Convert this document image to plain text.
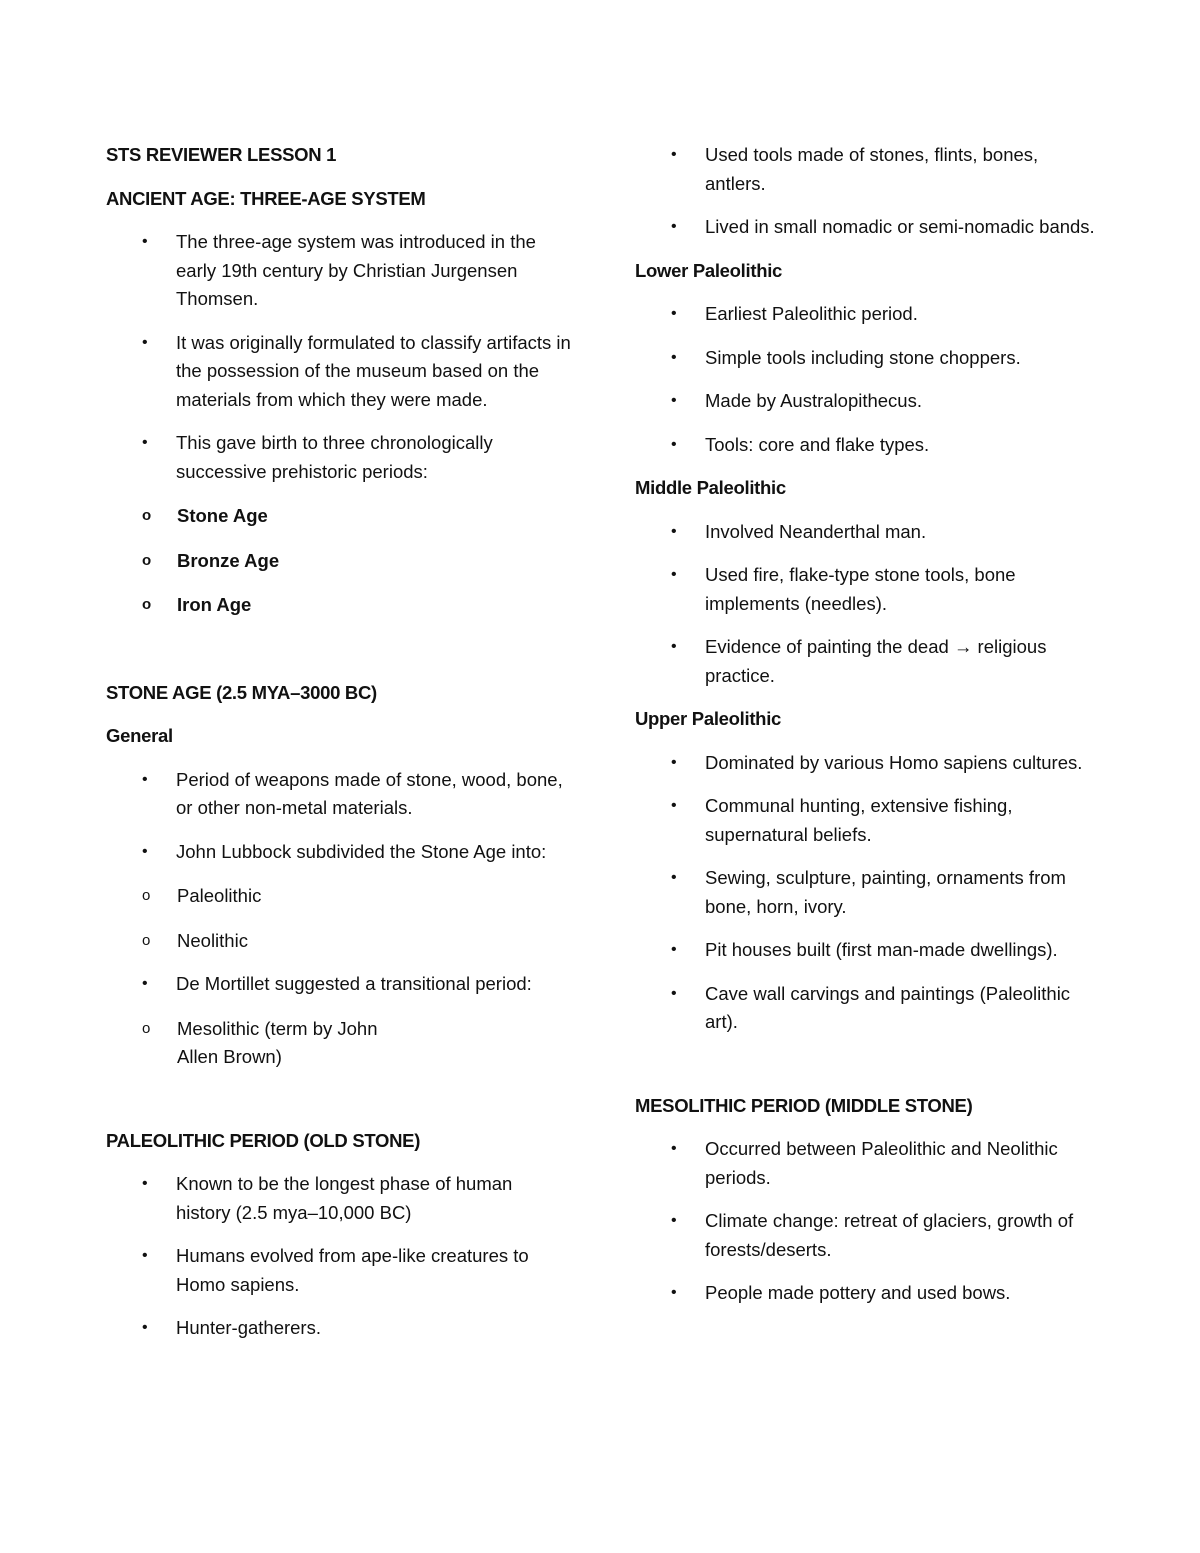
STS REVIEWER LESSON 1
ANCIENT AGE: THREE-AGE SYSTEM
•	The three-age system was introduced in the early 19th century by Christian Jurgensen Thomsen.
•	It was originally formulated to classify artifacts in the possession of the museum based on the materials from which they were made.
•	This gave birth to three chronologically successive prehistoric periods:
o Stone Age
o Bronze Age
o Iron Age
STONE AGE (2.5 MYA–3000 BC)
General
•	Period of weapons made of stone, wood, bone, or other non-metal materials.
•	John Lubbock subdivided the Stone Age into:
o Paleolithic
o Neolithic
•	De Mortillet suggested a transitional period:
o Mesolithic (term by John Allen Brown)
PALEOLITHIC PERIOD (OLD STONE)
•	Known to be the longest phase of human history (2.5 mya–10,000 BC)
•	Humans evolved from ape-like creatures to Homo sapiens.
•	Hunter-gatherers.
•	Used tools made of stones, flints, bones, antlers.
•	Lived in small nomadic or semi-nomadic bands.
Lower Paleolithic
•	Earliest Paleolithic period.
•	Simple tools including stone choppers.
•	Made by Australopithecus.
•	Tools: core and flake types.
Middle Paleolithic
•	Involved Neanderthal man.
•	Used fire, flake-type stone tools, bone implements (needles).
•	Evidence of painting the dead → religious practice.
Upper Paleolithic
•	Dominated by various Homo sapiens cultures.
•	Communal hunting, extensive fishing, supernatural beliefs.
•	Sewing, sculpture, painting, ornaments from bone, horn, ivory.
•	Pit houses built (first man-made dwellings).
•	Cave wall carvings and paintings (Paleolithic art).
MESOLITHIC PERIOD (MIDDLE STONE)
•	Occurred between Paleolithic and Neolithic periods.
•	Climate change: retreat of glaciers, growth of forests/deserts.
•	People made pottery and used bows.
